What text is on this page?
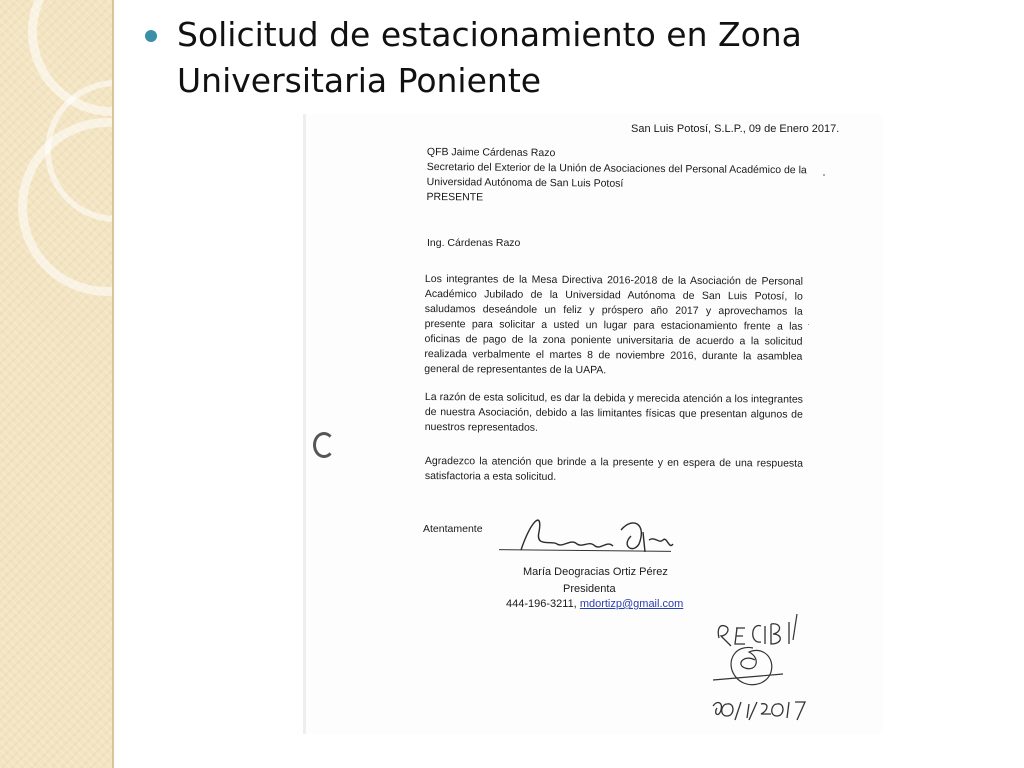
Solicitud de estacionamiento en Zona Universitaria Poniente
San Luis Potosí, S.L.P., 09 de Enero 2017.
QFB Jaime Cárdenas Razo
Secretario del Exterior de la Unión de Asociaciones del Personal Académico de la Universidad Autónoma de San Luis Potosí
PRESENTE
Ing. Cárdenas Razo
Los integrantes de la Mesa Directiva 2016-2018 de la Asociación de Personal Académico Jubilado de la Universidad Autónoma de San Luis Potosí, lo saludamos deseándole un feliz y próspero año 2017 y aprovechamos la presente para solicitar a usted un lugar para estacionamiento frente a las oficinas de pago de la zona poniente universitaria de acuerdo a la solicitud realizada verbalmente el martes 8 de noviembre 2016, durante la asamblea general de representantes de la UAPA.
La razón de esta solicitud, es dar la debida y merecida atención a los integrantes de nuestra Asociación, debido a las limitantes físicas que presentan algunos de nuestros representados.
Agradezco la atención que brinde a la presente y en espera de una respuesta satisfactoria a esta solicitud.
Atentamente
María Deogracias Ortiz Pérez
Presidenta
444-196-3211, mdortizp@gmail.com
